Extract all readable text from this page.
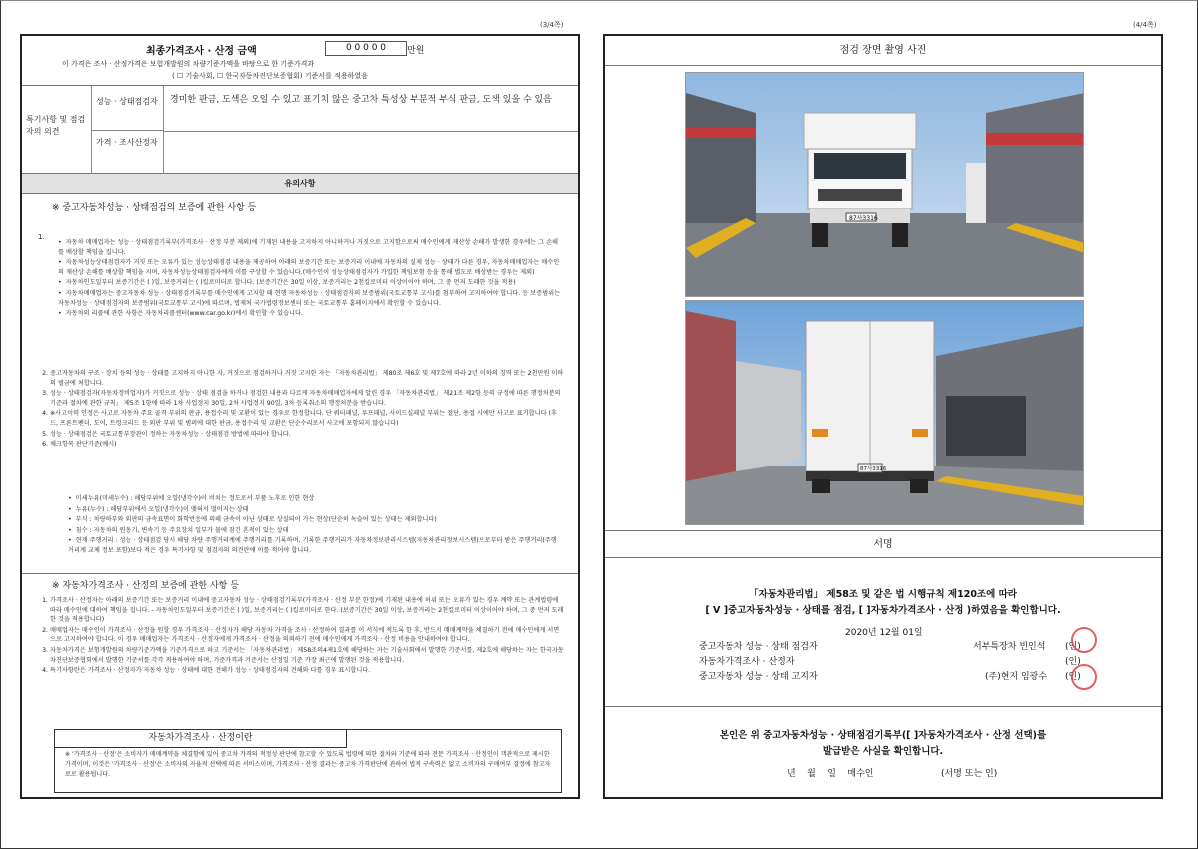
(3/4쪽)	(4/4쪽)
최종가격조사 · 산정 금액	0 0 0 0 0	만원
이 가격은 조사 · 산정가격은 보험개발원의 차량기준가액을 바탕으로 한 기준가격과
( ☐ 기술사회, ☐ 한국자동차진단보증협회) 기준서를 적용하였음
특기사항 및 점검자의 의견
성능 · 상태점검자	경미한 판금, 도색은 오일 수 있고 표기치 않은 중고차 특성상 부분적 부식 판금, 도색 있을 수 있음
가격 · 조사산정자
유의사항
※ 중고자동차성능 · 상태점검의 보증에 관한 사항 등
1.
• 자동차 매매업자는 성능 · 상태점검기록부(가격조사 · 산정 부분 제외)에 기재된 내용을 고지하지 아니하거나 거짓으로 고지함으로써 매수인에게 재산상 손해가 발생한 경우에는 그 손해를 배상할 책임을 집니다.
• 자동차성능상태점검자가 거짓 또는 오류가 있는 성능상태점검 내용을 제공하여 아래의 보증기간 또는 보증거리 이내에 자동차의 실제 성능 · 상태가 다른 경우, 자동차매매업자는 매수인의 재산상 손해를 배상할 책임을 지며, 자동차성능상태점검자에게 이를 구상할 수 있습니다.(매수인이 성능상태점검자가 가입한 책임보험 등을 통해 별도로 배상받는 경우는 제외)
• 자동차인도일부터 보증기간은 ( )일, 보증거리는 ( )킬로미터로 합니다. (보증기간은 30일 이상, 보증거리는 2천킬로미터 이상이어야 하며, 그 중 먼저 도래한 것을 적용)
• 자동차매매업자는 중고자동차 성능 · 상태점검기록부를 매수인에게 고지할 때 현행 자동차성능 · 상태점검자의 보증범위(국토교통부 고시)를 첨부하여 고지하여야 합니다. 등 보증범위는 자동차성능 · 상태점검자의 보증범위(국토교통부 고시)에 따르며, 법제처 국가법령정보센터 또는 국토교통부 홈페이지에서 확인할 수 있습니다.
• 자동차의 리콜에 관한 사항은 자동차리콜센터(www.car.go.kr)에서 확인할 수 있습니다.
2. 중고자동차의 구조 · 장치 등의 성능 · 상태를 고지하지 아니한 자, 거짓으로 점검하거나 거짓 고지한 자는 「자동차관리법」 제80조 제6호 및 제7호에 따라 2년 이하의 징역 또는 2천만원 이하의 벌금에 처합니다.
3. 성능 · 상태점검자(자동차정비업자)가 거짓으로 성능 · 상태 점검을 하거나 점검한 내용과 다르게 자동차매매업자에게 알린 경우 「자동차관리법」 제21조 제2항 등의 규정에 따른 행정처분의 기준과 절차에 관한 규칙」 제5조 1항에 따라 1차 사업정지 30일, 2차 사업정지 90일, 3차 등록취소의 행정처분을 받습니다.
4. ※사고이력 인정은 사고로 자동차 주요 골격 부위의 판금, 용접수리 및 교환이 있는 경우로 한정합니다. 단 쿼터패널, 루프패널, 사이드실패널 부위는 절단, 용접 시에만 사고로 표기합니다 (후드, 프론트펜더, 도어, 트렁크리드 등 외판 부위 및 범퍼에 대한 판금, 용접수리 및 교환은 단순수리로서 사고에 포함되지 않습니다)
5. 성능 · 상태점검은 국토교통부장관이 정하는 자동차성능 · 상태점검 방법에 따라야 합니다.
6. 체크항목 판단기준(예시)
• 미세누유(미세누수) : 해당부위에 오일(냉각수)이 비치는 정도로서 부품 노후로 인한 현상
• 누유(누수) : 해당부위에서 오일(냉각수)이 맺혀서 떨어지는 상태
• 부식 : 차량하부와 외판의 금속표면이 화학반응에 의해 금속이 아닌 상태로 상실되어 가는 현상(단순히 녹슬어 있는 상태는 제외합니다)
• 침수 : 자동차의 원동기, 변속기 등 주요장치 일부가 물에 잠긴 흔적이 있는 상태
• 현재 주행거리 : 성능 · 상태점검 당시 해당 차량 주행거리계에 주행거리를 기록하며, 기록한 주행거리가 자동차정보관리시스템(자동차관리정보시스템)으로부터 받은 주행거리(주행거리계 교체 정보 포함)보다 적은 경우 특기사항 및 점검자의 의견란에 이를 적어야 합니다.
※ 자동차가격조사 · 산정의 보증에 관한 사항 등
1. 가격조사 · 산정자는 아래의 보증기간 또는 보증거리 이내에 중고자동차 성능 · 상태점검기록부(가격조사 · 산정 부분 한정)에 기재된 내용에 허위 또는 오류가 있는 경우 계약 또는 관계법령에 따라 매수인에 대하여 책임을 집니다. - 자동차인도일부터 보증기간은 ( )일, 보증거리는 ( )킬로미터로 한다. (보증기간은 30일 이상, 보증거리는 2천킬로미터 이상이어야 하며, 그 중 먼저 도래한 것을 적용합니다)
2. 매매업자는 매수인이 가격조사 · 산정을 원할 경우 가격조사 · 산정자가 해당 자동차 가격을 조사 · 산정하여 결과를 이 서식에 적도록 한 후, 반드시 매매계약을 체결하기 전에 매수인에게 서면으로 고지하여야 합니다. 이 경우 매매업자는 가격조사 · 산정자에게 가격조사 · 산정을 의뢰하기 전에 매수인에게 가격조사 · 산정 비용을 안내하여야 합니다.
3. 자동차가격은 보험개발원의 차량기준가액을 기준가격으로 하고 기준서는 「자동차관리법」 제58조의4제1호에 해당하는 자는 기술사회에서 발행한 기준서를, 제2호에 해당하는 자는 한국자동차진단보증협회에서 발행한 기준서를 각각 적용하여야 하며, 기준가격과 기준서는 산정일 기준 가장 최근에 발행된 것을 적용합니다.
4. 특기사항란은 가격조사 · 산정자가 자동차 성능 · 상태에 대한 견해가 성능 · 상태점검자의 견해와 다를 경우 표시합니다.
자동차가격조사 · 산정이란
※ '가격조사 · 산정'은 소비자가 매매계약을 체결함에 있어 중고차 가격의 적정성 판단에 참고할 수 있도록 법령에 의한 절차와 기준에 따라 전문 가격조사 · 산정인이 객관적으로 제시한 가격이며, 이것은 '가격조사 · 산정'은 소비자의 자율적 선택에 따른 서비스이며, 가격조사 · 산정 결과는 중고차 가격판단에 관하여 법적 구속력은 없고 소비자의 구매여부 결정에 참고자료로 활용됩니다.
점검 장면 촬영 사진
87사3316
87사3316
서명
「자동차관리법」 제58조 및 같은 법 시행규칙 제120조에 따라
[ V ]중고자동차성능 · 상태를 점검, [ ]자동차가격조사 · 산정 )하였음을 확인합니다.
2020년 12월 01일
중고자동차 성능 · 상태 점검자	서부특장차 빈인석 (인)
자동차가격조사 · 산정자	(인)
중고자동차 성능 · 상태 고지자	(주)현지 임광수 (인)
본인은 위 중고자동차성능 · 상태점검기록부([ ]자동차가격조사 · 산정 선택)를
발급받은 사실을 확인합니다.
년    월    일    매수인	(서명 또는 인)
